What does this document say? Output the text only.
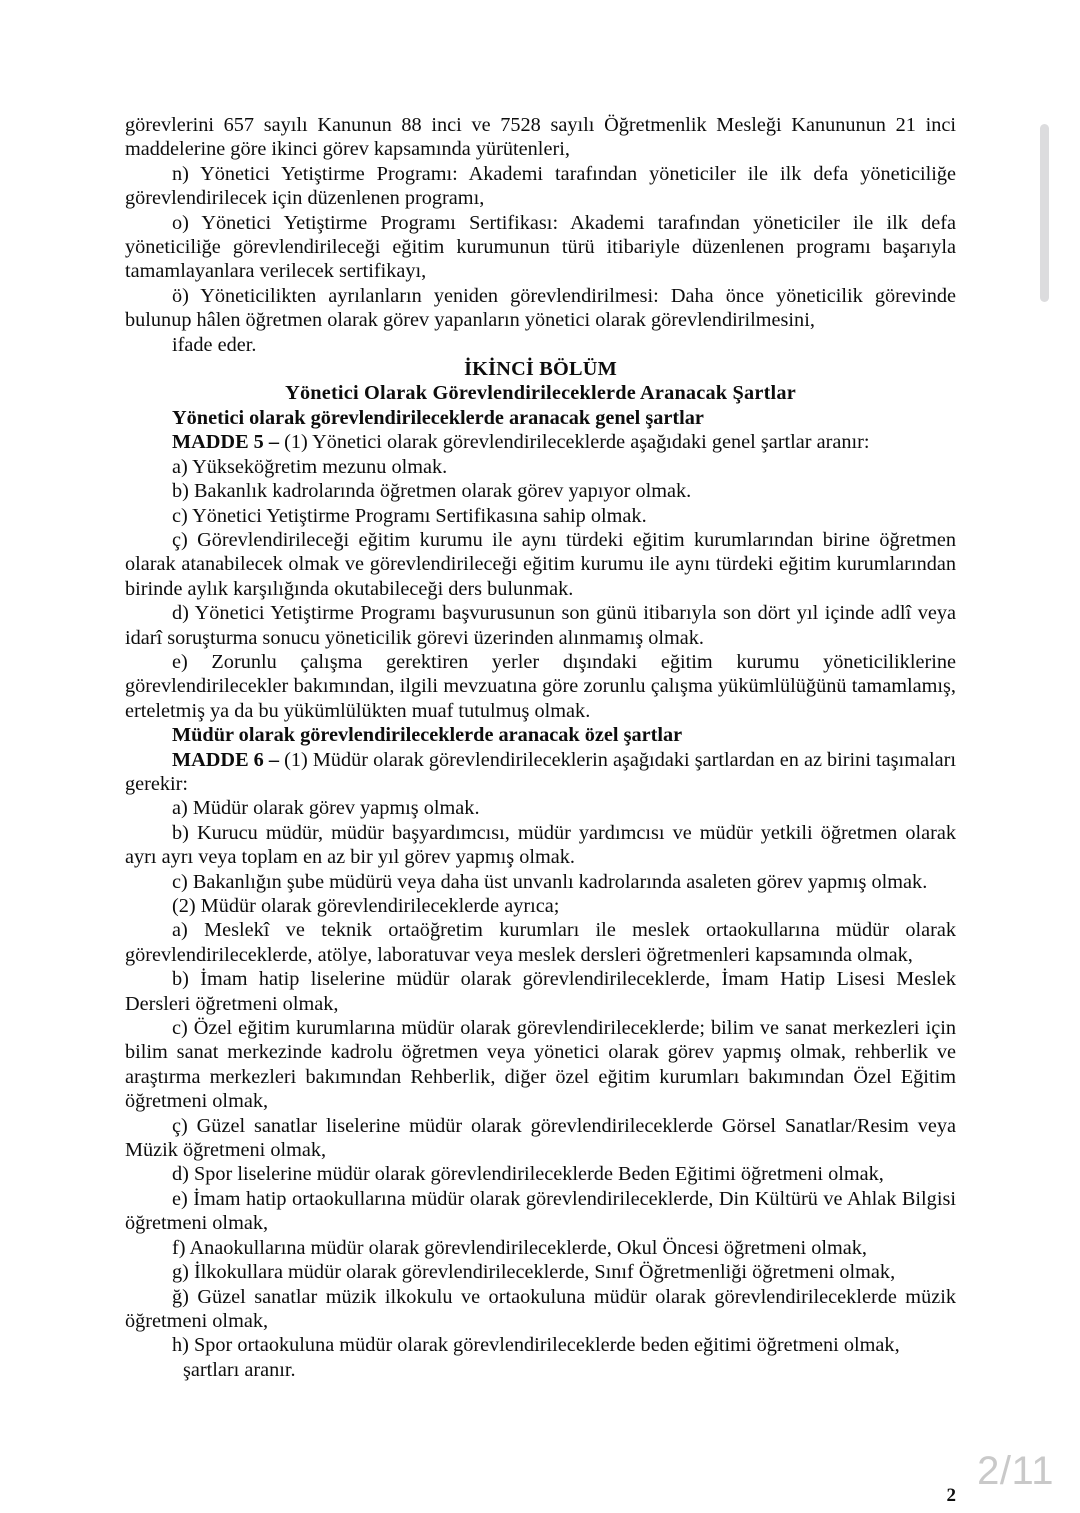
görevlerini 657 sayılı Kanunun 88 inci ve 7528 sayılı Öğretmenlik Mesleği Kanununun 21 inci maddelerine göre ikinci görev kapsamında yürütenleri,

n) Yönetici Yetiştirme Programı: Akademi tarafından yöneticiler ile ilk defa yöneticiliğe görevlendirilecek için düzenlenen programı,

o) Yönetici Yetiştirme Programı Sertifikası: Akademi tarafından yöneticiler ile ilk defa yöneticiliğe görevlendirileceği eğitim kurumunun türü itibariyle düzenlenen programı başarıyla tamamlayanlara verilecek sertifikayı,

ö) Yöneticilikten ayrılanların yeniden görevlendirilmesi: Daha önce yöneticilik görevinde bulunup hâlen öğretmen olarak görev yapanların yönetici olarak görevlendirilmesini,

ifade eder.

İKİNCİ BÖLÜM
Yönetici Olarak Görevlendirileceklerde Aranacak Şartlar
Yönetici olarak görevlendirileceklerde aranacak genel şartlar

MADDE 5 – (1) Yönetici olarak görevlendirileceklerde aşağıdaki genel şartlar aranır:

a) Yükseköğretim mezunu olmak.

b) Bakanlık kadrolarında öğretmen olarak görev yapıyor olmak.

c) Yönetici Yetiştirme Programı Sertifikasına sahip olmak.

ç) Görevlendirileceği eğitim kurumu ile aynı türdeki eğitim kurumlarından birine öğretmen olarak atanabilecek olmak ve görevlendirileceği eğitim kurumu ile aynı türdeki eğitim kurumlarından birinde aylık karşılığında okutabileceği ders bulunmak.

d) Yönetici Yetiştirme Programı başvurusunun son günü itibarıyla son dört yıl içinde adlî veya idarî soruşturma sonucu yöneticilik görevi üzerinden alınmamış olmak.

e) Zorunlu çalışma gerektiren yerler dışındaki eğitim kurumu yöneticiliklerine görevlendirilecekler bakımından, ilgili mevzuatına göre zorunlu çalışma yükümlülüğünü tamamlamış, erteletmiş ya da bu yükümlülükten muaf tutulmuş olmak.

Müdür olarak görevlendirileceklerde aranacak özel şartlar

MADDE 6 – (1) Müdür olarak görevlendirileceklerin aşağıdaki şartlardan en az birini taşımaları gerekir:

a) Müdür olarak görev yapmış olmak.

b) Kurucu müdür, müdür başyardımcısı, müdür yardımcısı ve müdür yetkili öğretmen olarak ayrı ayrı veya toplam en az bir yıl görev yapmış olmak.

c) Bakanlığın şube müdürü veya daha üst unvanlı kadrolarında asaleten görev yapmış olmak.

(2) Müdür olarak görevlendirileceklerde ayrıca;

a) Meslekî ve teknik ortaöğretim kurumları ile meslek ortaokullarına müdür olarak görevlendirileceklerde, atölye, laboratuvar veya meslek dersleri öğretmenleri kapsamında olmak,

b) İmam hatip liselerine müdür olarak görevlendirileceklerde, İmam Hatip Lisesi Meslek Dersleri öğretmeni olmak,

c) Özel eğitim kurumlarına müdür olarak görevlendirileceklerde; bilim ve sanat merkezleri için bilim sanat merkezinde kadrolu öğretmen veya yönetici olarak görev yapmış olmak, rehberlik ve araştırma merkezleri bakımından Rehberlik, diğer özel eğitim kurumları bakımından Özel Eğitim öğretmeni olmak,

ç) Güzel sanatlar liselerine müdür olarak görevlendirileceklerde Görsel Sanatlar/Resim veya Müzik öğretmeni olmak,

d) Spor liselerine müdür olarak görevlendirileceklerde Beden Eğitimi öğretmeni olmak,

e) İmam hatip ortaokullarına müdür olarak görevlendirileceklerde, Din Kültürü ve Ahlak Bilgisi öğretmeni olmak,

f) Anaokullarına müdür olarak görevlendirileceklerde, Okul Öncesi öğretmeni olmak,

g) İlkokullara müdür olarak görevlendirileceklerde, Sınıf Öğretmenliği öğretmeni olmak,

ğ) Güzel sanatlar müzik ilkokulu ve ortaokuluna müdür olarak görevlendirileceklerde müzik öğretmeni olmak,

h) Spor ortaokuluna müdür olarak görevlendirileceklerde beden eğitimi öğretmeni olmak,

şartları aranır.

2
2/11
